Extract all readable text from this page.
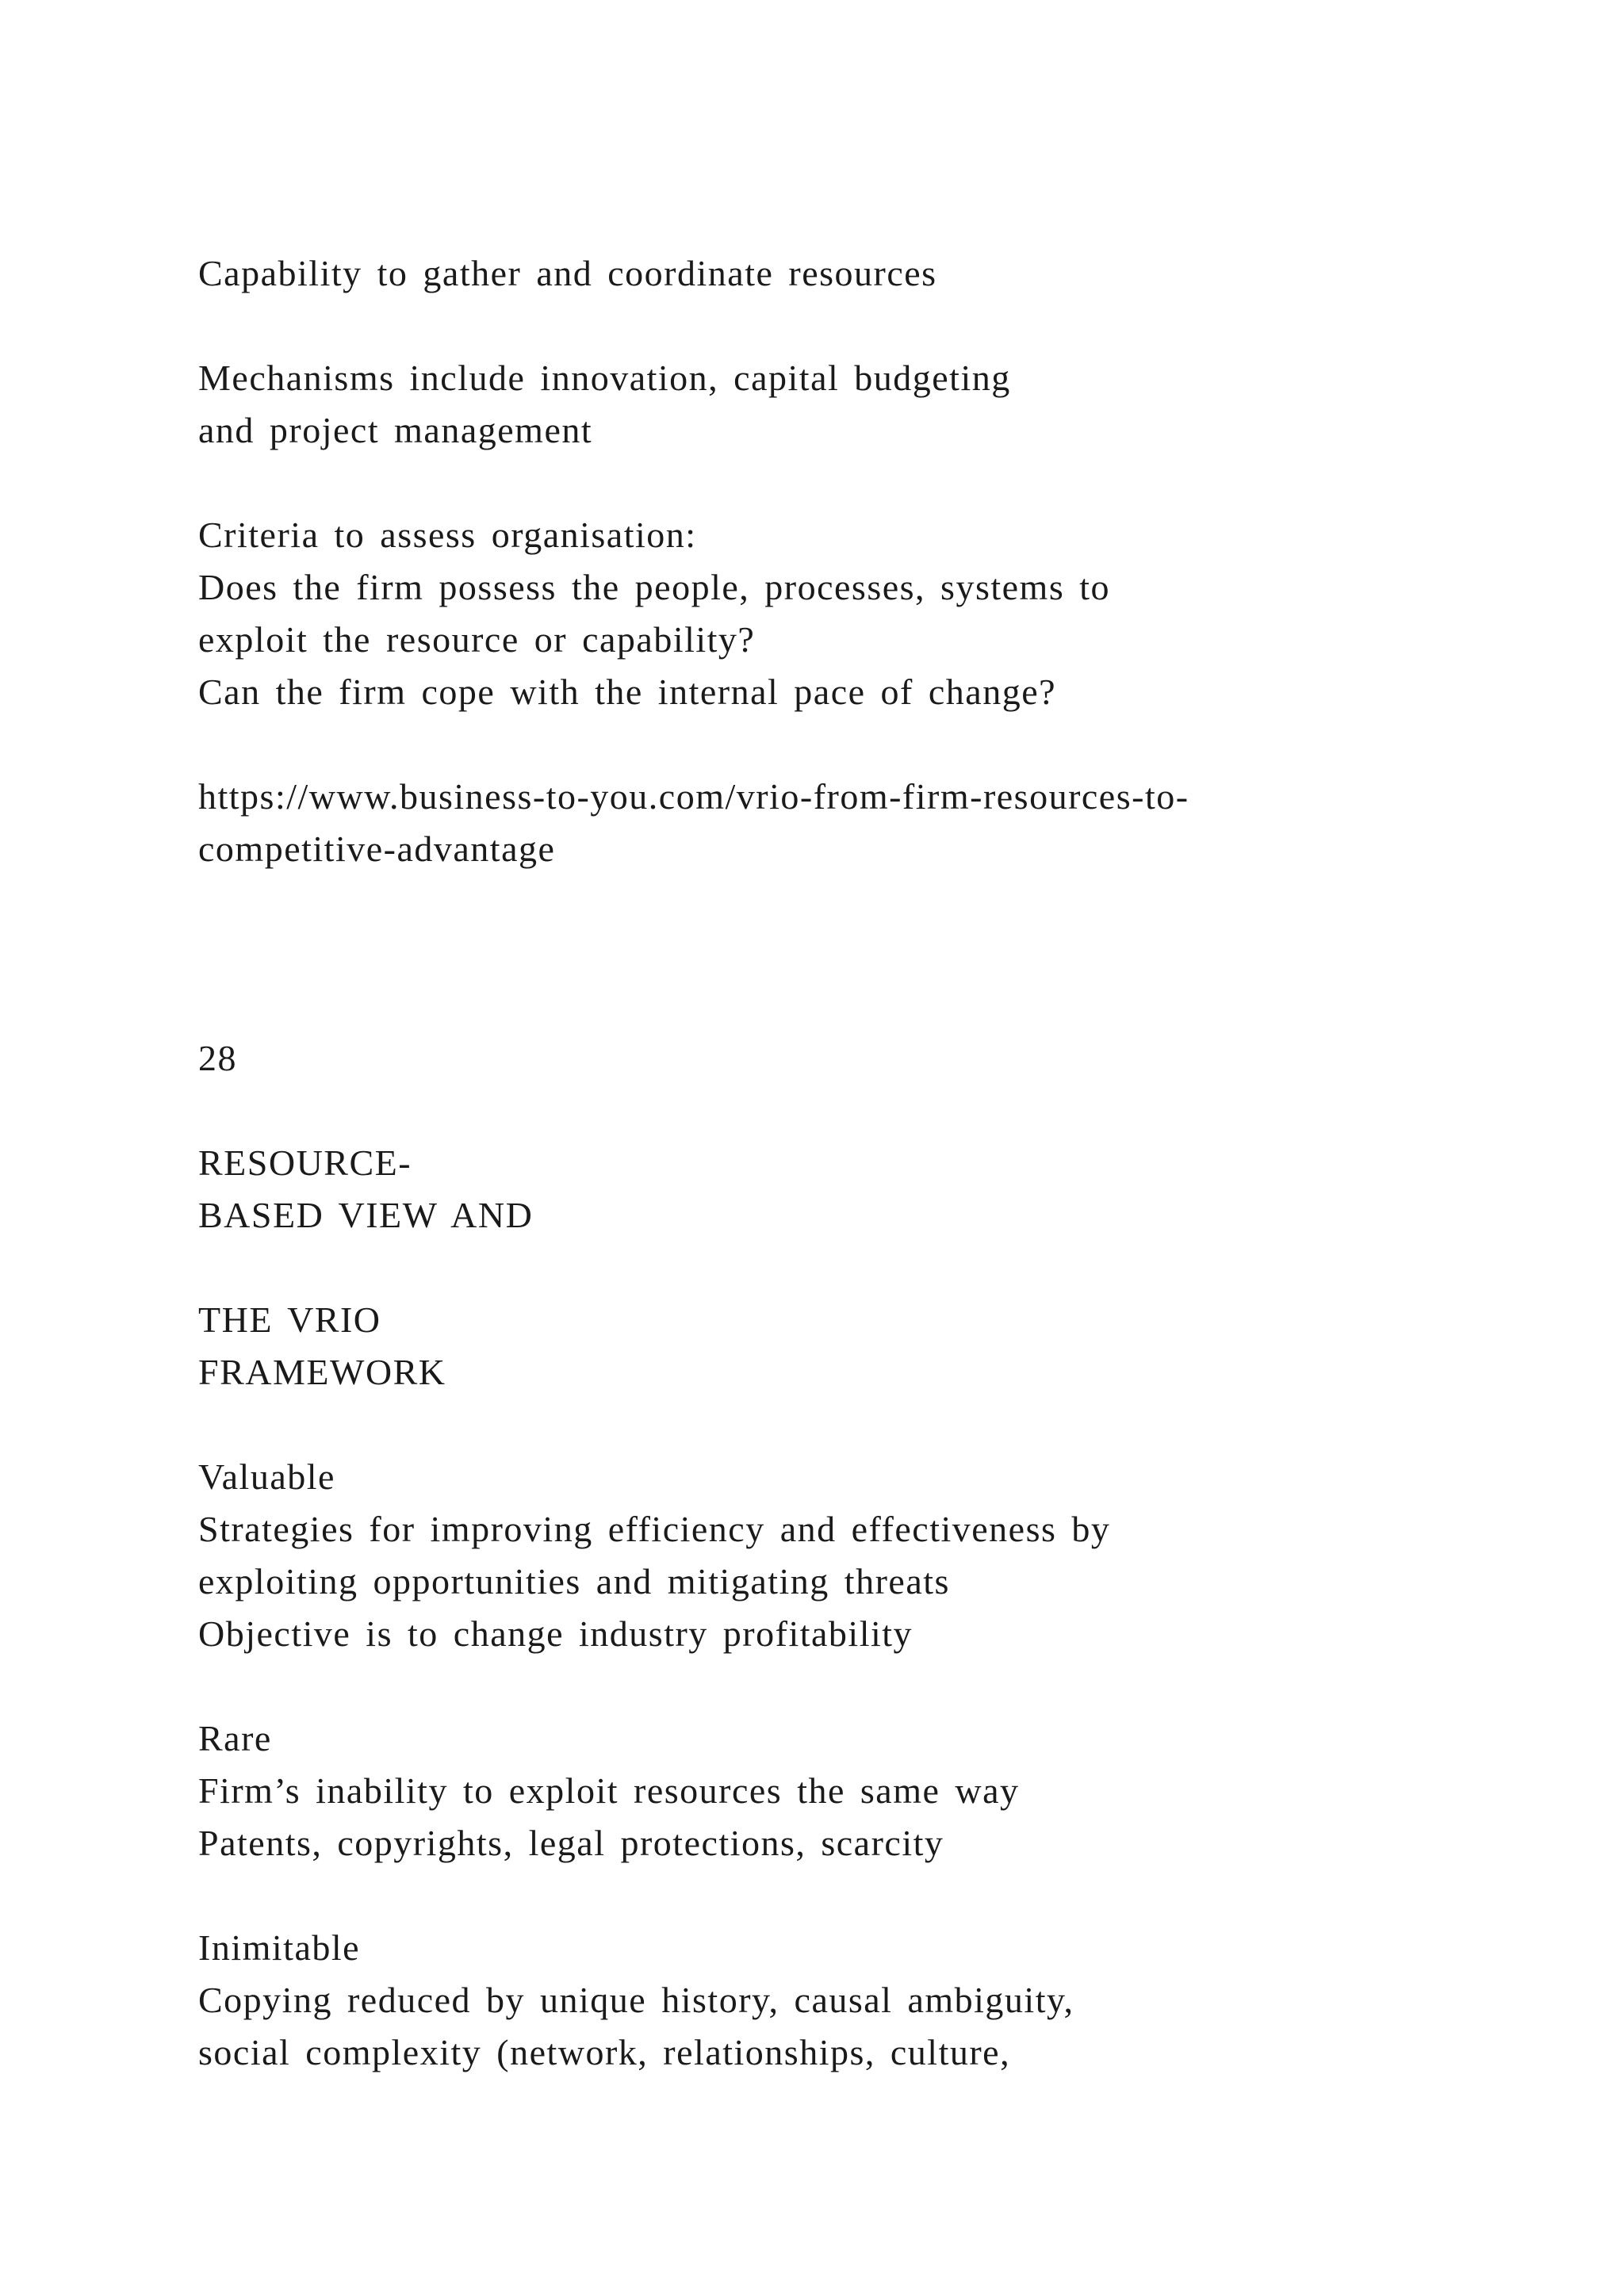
Capability to gather and coordinate resources

Mechanisms include innovation, capital budgeting

and project management

Criteria to assess organisation:

Does the firm possess the people, processes, systems to

exploit the resource or capability?

Can the firm cope with the internal pace of change?

https://www.business-to-you.com/vrio-from-firm-resources-to-

competitive-advantage

28

RESOURCE-

BASED VIEW AND

THE VRIO

FRAMEWORK

Valuable

Strategies for improving efficiency and effectiveness by

exploiting opportunities and mitigating threats

Objective is to change industry profitability

Rare

Firm’s inability to exploit resources the same way

Patents, copyrights, legal protections, scarcity

Inimitable

Copying reduced by unique history, causal ambiguity,

social complexity (network, relationships, culture,
